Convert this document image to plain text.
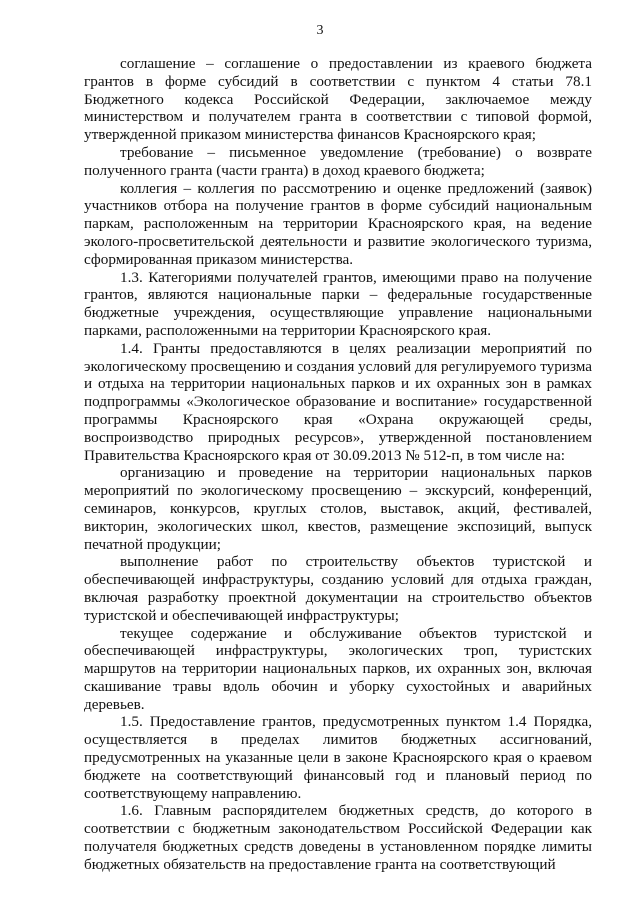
3

соглашение – соглашение о предоставлении из краевого бюджета грантов в форме субсидий в соответствии с пунктом 4 статьи 78.1 Бюджетного кодекса Российской Федерации, заключаемое между министерством и получателем гранта в соответствии с типовой формой, утвержденной приказом министерства финансов Красноярского края;

требование – письменное уведомление (требование) о возврате полученного гранта (части гранта) в доход краевого бюджета;

коллегия – коллегия по рассмотрению и оценке предложений (заявок) участников отбора на получение грантов в форме субсидий национальным паркам, расположенным на территории Красноярского края, на ведение эколого-просветительской деятельности и развитие экологического туризма, сформированная приказом министерства.

1.3. Категориями получателей грантов, имеющими право на получение грантов, являются национальные парки – федеральные государственные бюджетные учреждения, осуществляющие управление национальными парками, расположенными на территории Красноярского края.

1.4. Гранты предоставляются в целях реализации мероприятий по экологическому просвещению и создания условий для регулируемого туризма и отдыха на территории национальных парков и их охранных зон в рамках подпрограммы «Экологическое образование и воспитание» государственной программы Красноярского края «Охрана окружающей среды, воспроизводство природных ресурсов», утвержденной постановлением Правительства Красноярского края от 30.09.2013 № 512-п, в том числе на:

организацию и проведение на территории национальных парков мероприятий по экологическому просвещению – экскурсий, конференций, семинаров, конкурсов, круглых столов, выставок, акций, фестивалей, викторин, экологических школ, квестов, размещение экспозиций, выпуск печатной продукции;

выполнение работ по строительству объектов туристской и обеспечивающей инфраструктуры, созданию условий для отдыха граждан, включая разработку проектной документации на строительство объектов туристской и обеспечивающей инфраструктуры;

текущее содержание и обслуживание объектов туристской и обеспечивающей инфраструктуры, экологических троп, туристских маршрутов на территории национальных парков, их охранных зон, включая скашивание травы вдоль обочин и уборку сухостойных и аварийных деревьев.

1.5. Предоставление грантов, предусмотренных пунктом 1.4 Порядка, осуществляется в пределах лимитов бюджетных ассигнований, предусмотренных на указанные цели в законе Красноярского края о краевом бюджете на соответствующий финансовый год и плановый период по соответствующему направлению.

1.6. Главным распорядителем бюджетных средств, до которого в соответствии с бюджетным законодательством Российской Федерации как получателя бюджетных средств доведены в установленном порядке лимиты бюджетных обязательств на предоставление гранта на соответствующий
